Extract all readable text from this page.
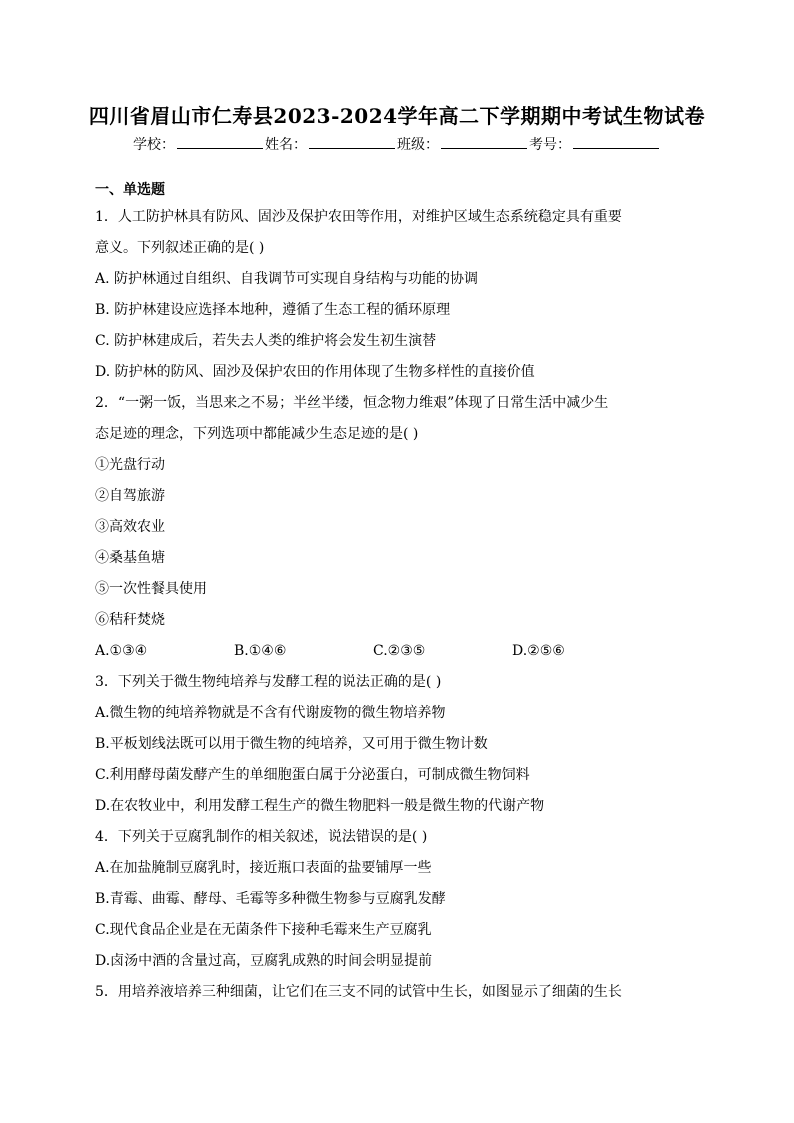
四川省眉山市仁寿县2023-2024学年高二下学期期中考试生物试卷
学校：	姓名：	班级：	考号：
一、单选题
1．人工防护林具有防风、固沙及保护农田等作用，对维护区域生态系统稳定具有重要
意义。下列叙述正确的是( )
A. 防护林通过自组织、自我调节可实现自身结构与功能的协调
B. 防护林建设应选择本地种，遵循了生态工程的循环原理
C. 防护林建成后，若失去人类的维护将会发生初生演替
D. 防护林的防风、固沙及保护农田的作用体现了生物多样性的直接价值
2．“一粥一饭，当思来之不易；半丝半缕，恒念物力维艰”体现了日常生活中减少生
态足迹的理念，下列选项中都能减少生态足迹的是( )
①光盘行动
②自驾旅游
③高效农业
④桑基鱼塘
⑤一次性餐具使用
⑥秸秆焚烧
A.①③④	B.①④⑥	C.②③⑤	D.②⑤⑥
3．下列关于微生物纯培养与发酵工程的说法正确的是( )
A.微生物的纯培养物就是不含有代谢废物的微生物培养物
B.平板划线法既可以用于微生物的纯培养，又可用于微生物计数
C.利用酵母菌发酵产生的单细胞蛋白属于分泌蛋白，可制成微生物饲料
D.在农牧业中，利用发酵工程生产的微生物肥料一般是微生物的代谢产物
4．下列关于豆腐乳制作的相关叙述，说法错误的是( )
A.在加盐腌制豆腐乳时，接近瓶口表面的盐要铺厚一些
B.青霉、曲霉、酵母、毛霉等多种微生物参与豆腐乳发酵
C.现代食品企业是在无菌条件下接种毛霉来生产豆腐乳
D.卤汤中酒的含量过高，豆腐乳成熟的时间会明显提前
5．用培养液培养三种细菌，让它们在三支不同的试管中生长，如图显示了细菌的生长
